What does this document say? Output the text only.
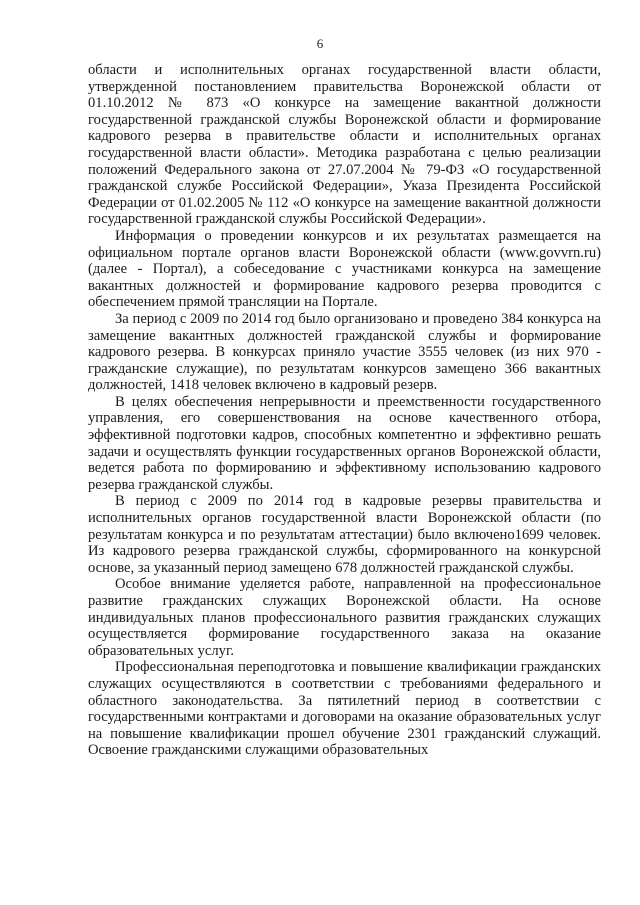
6

области и исполнительных органах государственной власти области, утвержденной постановлением правительства Воронежской области от 01.10.2012 № 873 «О конкурсе на замещение вакантной должности государственной гражданской службы Воронежской области и формирование кадрового резерва в правительстве области и исполнительных органах государственной власти области». Методика разработана с целью реализации положений Федерального закона от 27.07.2004 № 79-ФЗ «О государственной гражданской службе Российской Федерации», Указа Президента Российской Федерации от 01.02.2005 № 112 «О конкурсе на замещение вакантной должности государственной гражданской службы Российской Федерации».

Информация о проведении конкурсов и их результатах размещается на официальном портале органов власти Воронежской области (www.govvrn.ru) (далее - Портал), а собеседование с участниками конкурса на замещение вакантных должностей и формирование кадрового резерва проводится с обеспечением прямой трансляции на Портале.

За период с 2009 по 2014 год было организовано и проведено 384 конкурса на замещение вакантных должностей гражданской службы и формирование кадрового резерва. В конкурсах приняло участие 3555 человек (из них 970 - гражданские служащие), по результатам конкурсов замещено 366 вакантных должностей, 1418 человек включено в кадровый резерв.

В целях обеспечения непрерывности и преемственности государственного управления, его совершенствования на основе качественного отбора, эффективной подготовки кадров, способных компетентно и эффективно решать задачи и осуществлять функции государственных органов Воронежской области, ведется работа по формированию и эффективному использованию кадрового резерва гражданской службы.

В период с 2009 по 2014 год в кадровые резервы правительства и исполнительных органов государственной власти Воронежской области (по результатам конкурса и по результатам аттестации) было включено1699 человек. Из кадрового резерва гражданской службы, сформированного на конкурсной основе, за указанный период замещено 678 должностей гражданской службы.

Особое внимание уделяется работе, направленной на профессиональное развитие гражданских служащих Воронежской области. На основе индивидуальных планов профессионального развития гражданских служащих осуществляется формирование государственного заказа на оказание образовательных услуг.

Профессиональная переподготовка и повышение квалификации гражданских служащих осуществляются в соответствии с требованиями федерального и областного законодательства. За пятилетний период в соответствии с государственными контрактами и договорами на оказание образовательных услуг на повышение квалификации прошел обучение 2301 гражданский служащий. Освоение гражданскими служащими образовательных
